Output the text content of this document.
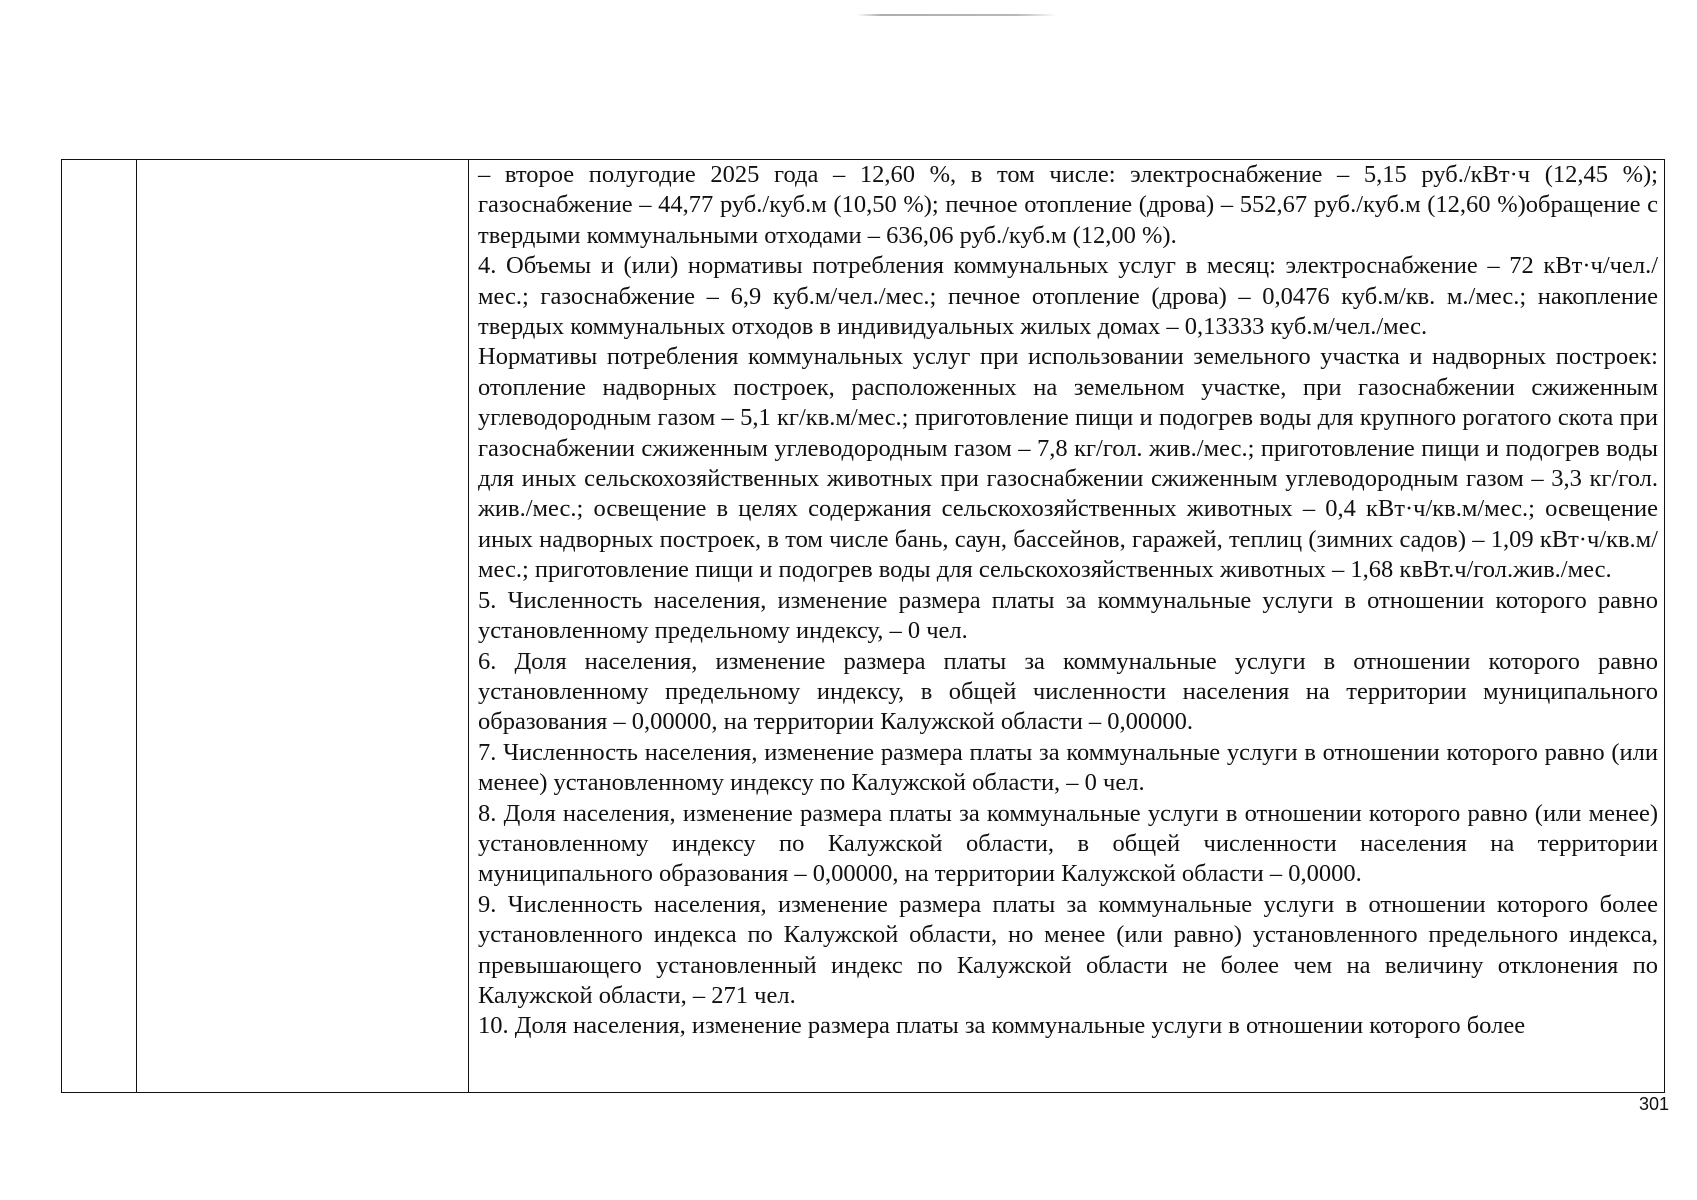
– второе полугодие 2025 года – 12,60 %, в том числе: электроснабжение – 5,15 руб./кВт·ч (12,45 %); газоснабжение – 44,77 руб./куб.м (10,50 %); печное отопление (дрова) – 552,67 руб./куб.м (12,60 %)обращение с твердыми коммунальными отходами – 636,06 руб./куб.м (12,00 %).

4. Объемы и (или) нормативы потребления коммунальных услуг в месяц: электроснабжение – 72 кВт·ч/чел./мес.; газоснабжение – 6,9 куб.м/чел./мес.; печное отопление (дрова) – 0,0476 куб.м/кв. м./мес.; накопление твердых коммунальных отходов в индивидуальных жилых домах – 0,13333 куб.м/чел./мес.

Нормативы потребления коммунальных услуг при использовании земельного участка и надворных построек: отопление надворных построек, расположенных на земельном участке, при газоснабжении сжиженным углеводородным газом – 5,1 кг/кв.м/мес.; приготовление пищи и подогрев воды для крупного рогатого скота при газоснабжении сжиженным углеводородным газом – 7,8 кг/гол. жив./мес.; приготовление пищи и подогрев воды для иных сельскохозяйственных животных при газоснабжении сжиженным углеводородным газом – 3,3 кг/гол. жив./мес.; освещение в целях содержания сельскохозяйственных животных – 0,4 кВт·ч/кв.м/мес.; освещение иных надворных построек, в том числе бань, саун, бассейнов, гаражей, теплиц (зимних садов) – 1,09 кВт·ч/кв.м/мес.; приготовление пищи и подогрев воды для сельскохозяйственных животных – 1,68 квВт.ч/гол.жив./мес.

5. Численность населения, изменение размера платы за коммунальные услуги в отношении которого равно установленному предельному индексу, – 0 чел.

6. Доля населения, изменение размера платы за коммунальные услуги в отношении которого равно установленному предельному индексу, в общей численности населения на территории муниципального образования – 0,00000, на территории Калужской области – 0,00000.

7. Численность населения, изменение размера платы за коммунальные услуги в отношении которого равно (или менее) установленному индексу по Калужской области, – 0 чел.

8. Доля населения, изменение размера платы за коммунальные услуги в отношении которого равно (или менее) установленному индексу по Калужской области, в общей численности населения на территории муниципального образования – 0,00000, на территории Калужской области – 0,0000.

9. Численность населения, изменение размера платы за коммунальные услуги в отношении которого более установленного индекса по Калужской области, но менее (или равно) установленного предельного индекса, превышающего установленный индекс по Калужской области не более чем на величину отклонения по Калужской области, – 271 чел.

10. Доля населения, изменение размера платы за коммунальные услуги в отношении которого более

301
